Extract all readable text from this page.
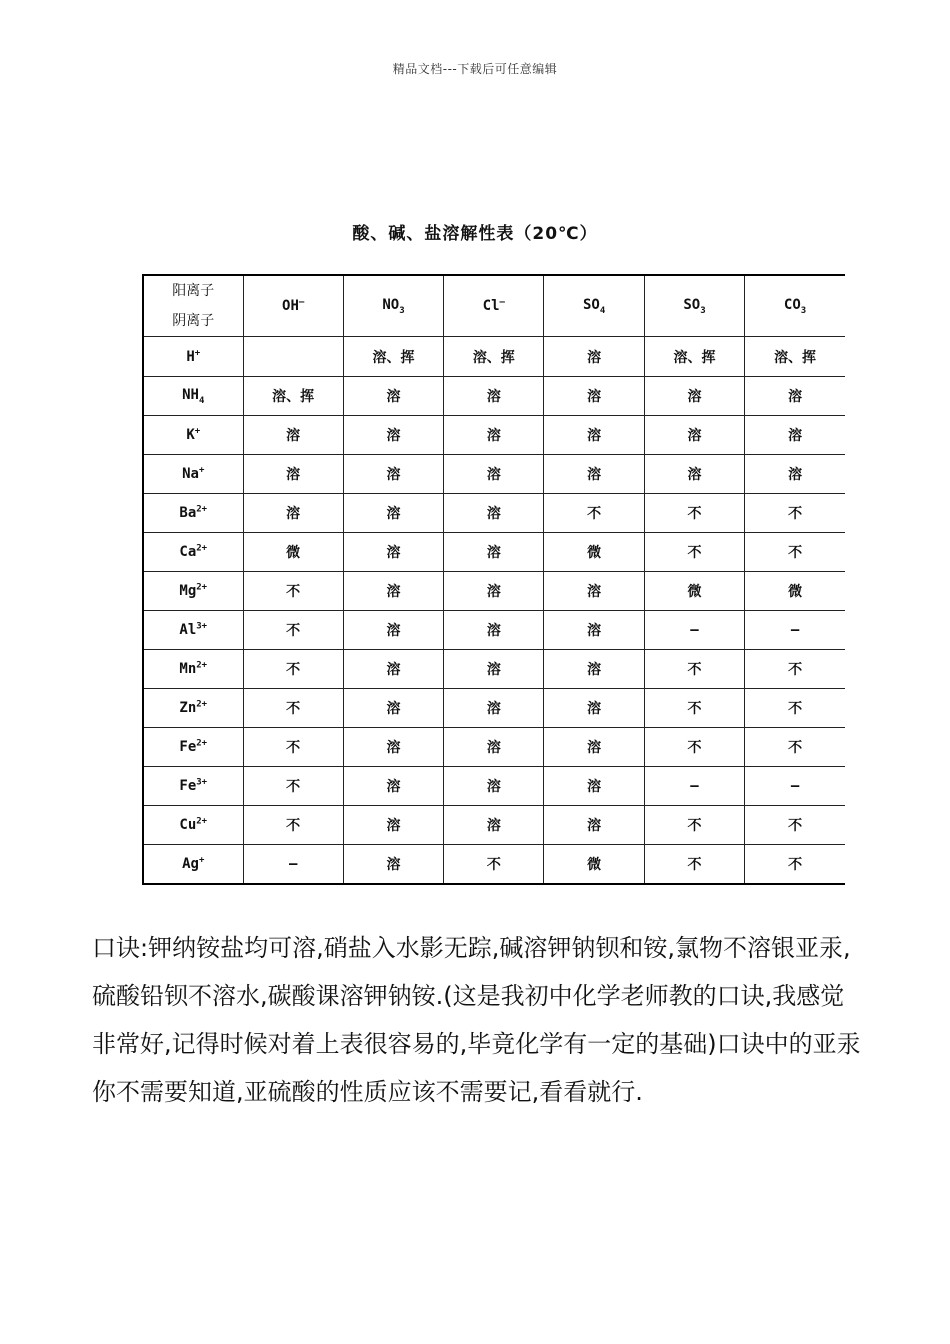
精品文档---下载后可任意编辑
酸、碱、盐溶解性表（20℃）
阳离子
阴离子	OH—	$NO_3$	Cl—	$SO_4$	$SO_3$	$CO_3$
H+		溶、挥	溶、挥	溶	溶、挥	溶、挥
$NH_4$	溶、挥	溶	溶	溶	溶	溶
K+	溶	溶	溶	溶	溶	溶
Na+	溶	溶	溶	溶	溶	溶
$Ba^{2+}$	溶	溶	溶	不	不	不
$Ca^{2+}$	微	溶	溶	微	不	不
$Mg^{2+}$	不	溶	溶	溶	微	微
$Al^{3+}$	不	溶	溶	溶	—	—
$Mn^{2+}$	不	溶	溶	溶	不	不
$Zn^{2+}$	不	溶	溶	溶	不	不
$Fe^{2+}$	不	溶	溶	溶	不	不
$Fe^{3+}$	不	溶	溶	溶	—	—
$Cu^{2+}$	不	溶	溶	溶	不	不
Ag+	—	溶	不	微	不	不
口诀:钾纳铵盐均可溶,硝盐入水影无踪,碱溶钾钠钡和铵,氯物不溶银亚汞,硫酸铅钡不溶水,碳酸课溶钾钠铵.(这是我初中化学老师教的口诀,我感觉非常好,记得时候对着上表很容易的,毕竟化学有一定的基础)口诀中的亚汞你不需要知道,亚硫酸的性质应该不需要记,看看就行.
